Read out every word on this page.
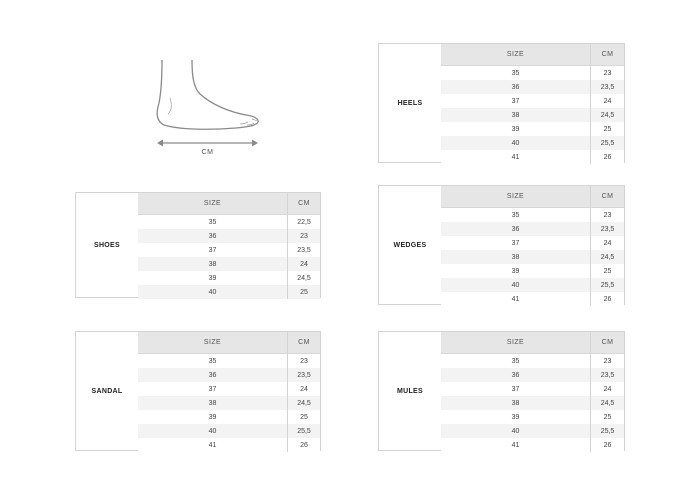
CM
HEELS
SIZE	CM
35	23
36	23,5
37	24
38	24,5
39	25
40	25,5
41	26
SHOES
SIZE	CM
35	22,5
36	23
37	23,5
38	24
39	24,5
40	25
WEDGES
SIZE	CM
35	23
36	23,5
37	24
38	24,5
39	25
40	25,5
41	26
SANDAL
SIZE	CM
35	23
36	23,5
37	24
38	24,5
39	25
40	25,5
41	26
MULES
SIZE	CM
35	23
36	23,5
37	24
38	24,5
39	25
40	25,5
41	26
